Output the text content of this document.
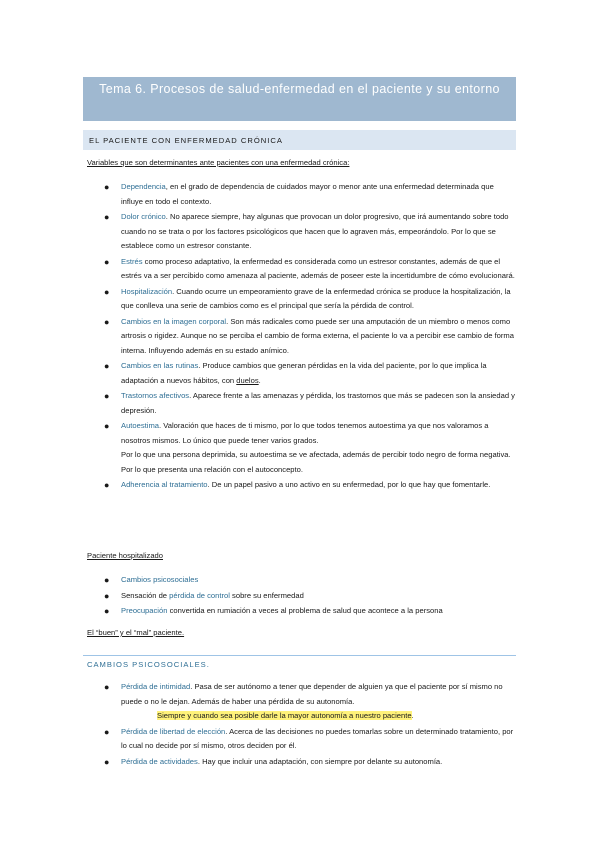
Tema 6. Procesos de salud-enfermedad en el paciente y su entorno
EL PACIENTE CON ENFERMEDAD CRÓNICA
Variables que son determinantes ante pacientes con una enfermedad crónica:
● Dependencia, en el grado de dependencia de cuidados mayor o menor ante una enfermedad determinada que influye en todo el contexto.
● Dolor crónico. No aparece siempre, hay algunas que provocan un dolor progresivo, que irá aumentando sobre todo cuando no se trata o por los factores psicológicos que hacen que lo agraven más, empeorándolo. Por lo que se establece como un estresor constante.
● Estrés como proceso adaptativo, la enfermedad es considerada como un estresor constantes, además de que el estrés va a ser percibido como amenaza al paciente, además de poseer este la incertidumbre de cómo evolucionará.
● Hospitalización. Cuando ocurre un empeoramiento grave de la enfermedad crónica se produce la hospitalización, la que conlleva una serie de cambios como es el principal que sería la pérdida de control.
● Cambios en la imagen corporal. Son más radicales como puede ser una amputación de un miembro o menos como artrosis o rigidez. Aunque no se perciba el cambio de forma externa, el paciente lo va a percibir ese cambio de forma interna. Influyendo además en su estado anímico.
● Cambios en las rutinas. Produce cambios que generan pérdidas en la vida del paciente, por lo que implica la adaptación a nuevos hábitos, con duelos.
● Trastornos afectivos. Aparece frente a las amenazas y pérdida, los trastornos que más se padecen son la ansiedad y depresión.
● Autoestima. Valoración que haces de ti mismo, por lo que todos tenemos autoestima ya que nos valoramos a nosotros mismos. Lo único que puede tener varios grados.
Por lo que una persona deprimida, su autoestima se ve afectada, además de percibir todo negro de forma negativa. Por lo que presenta una relación con el autoconcepto.
● Adherencia al tratamiento. De un papel pasivo a uno activo en su enfermedad, por lo que hay que fomentarle.
Paciente hospitalizado
● Cambios psicosociales
● Sensación de pérdida de control sobre su enfermedad
● Preocupación convertida en rumiación a veces al problema de salud que acontece a la persona
El “buen” y el “mal” paciente.
CAMBIOS PSICOSOCIALES.
● Pérdida de intimidad. Pasa de ser autónomo a tener que depender de alguien ya que el paciente por sí mismo no puede o no le dejan. Además de haber una pérdida de su autonomía.
Siempre y cuando sea posible darle la mayor autonomía a nuestro paciente.
● Pérdida de libertad de elección. Acerca de las decisiones no puedes tomarlas sobre un determinado tratamiento, por lo cual no decide por sí mismo, otros deciden por él.
● Pérdida de actividades. Hay que incluir una adaptación, con siempre por delante su autonomía.
